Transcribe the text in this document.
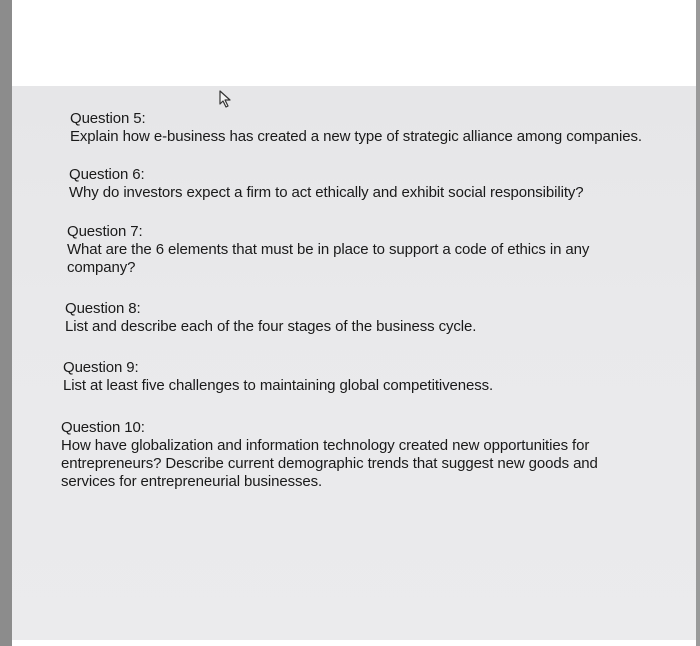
Question 5:
Explain how e-business has created a new type of strategic alliance among companies.
Question 6:
Why do investors expect a firm to act ethically and exhibit social responsibility?
Question 7:
What are the 6 elements that must be in place to support a code of ethics in any company?
Question 8:
List and describe each of the four stages of the business cycle.
Question 9:
List at least five challenges to maintaining global competitiveness.
Question 10:
How have globalization and information technology created new opportunities for entrepreneurs? Describe current demographic trends that suggest new goods and services for entrepreneurial businesses.
